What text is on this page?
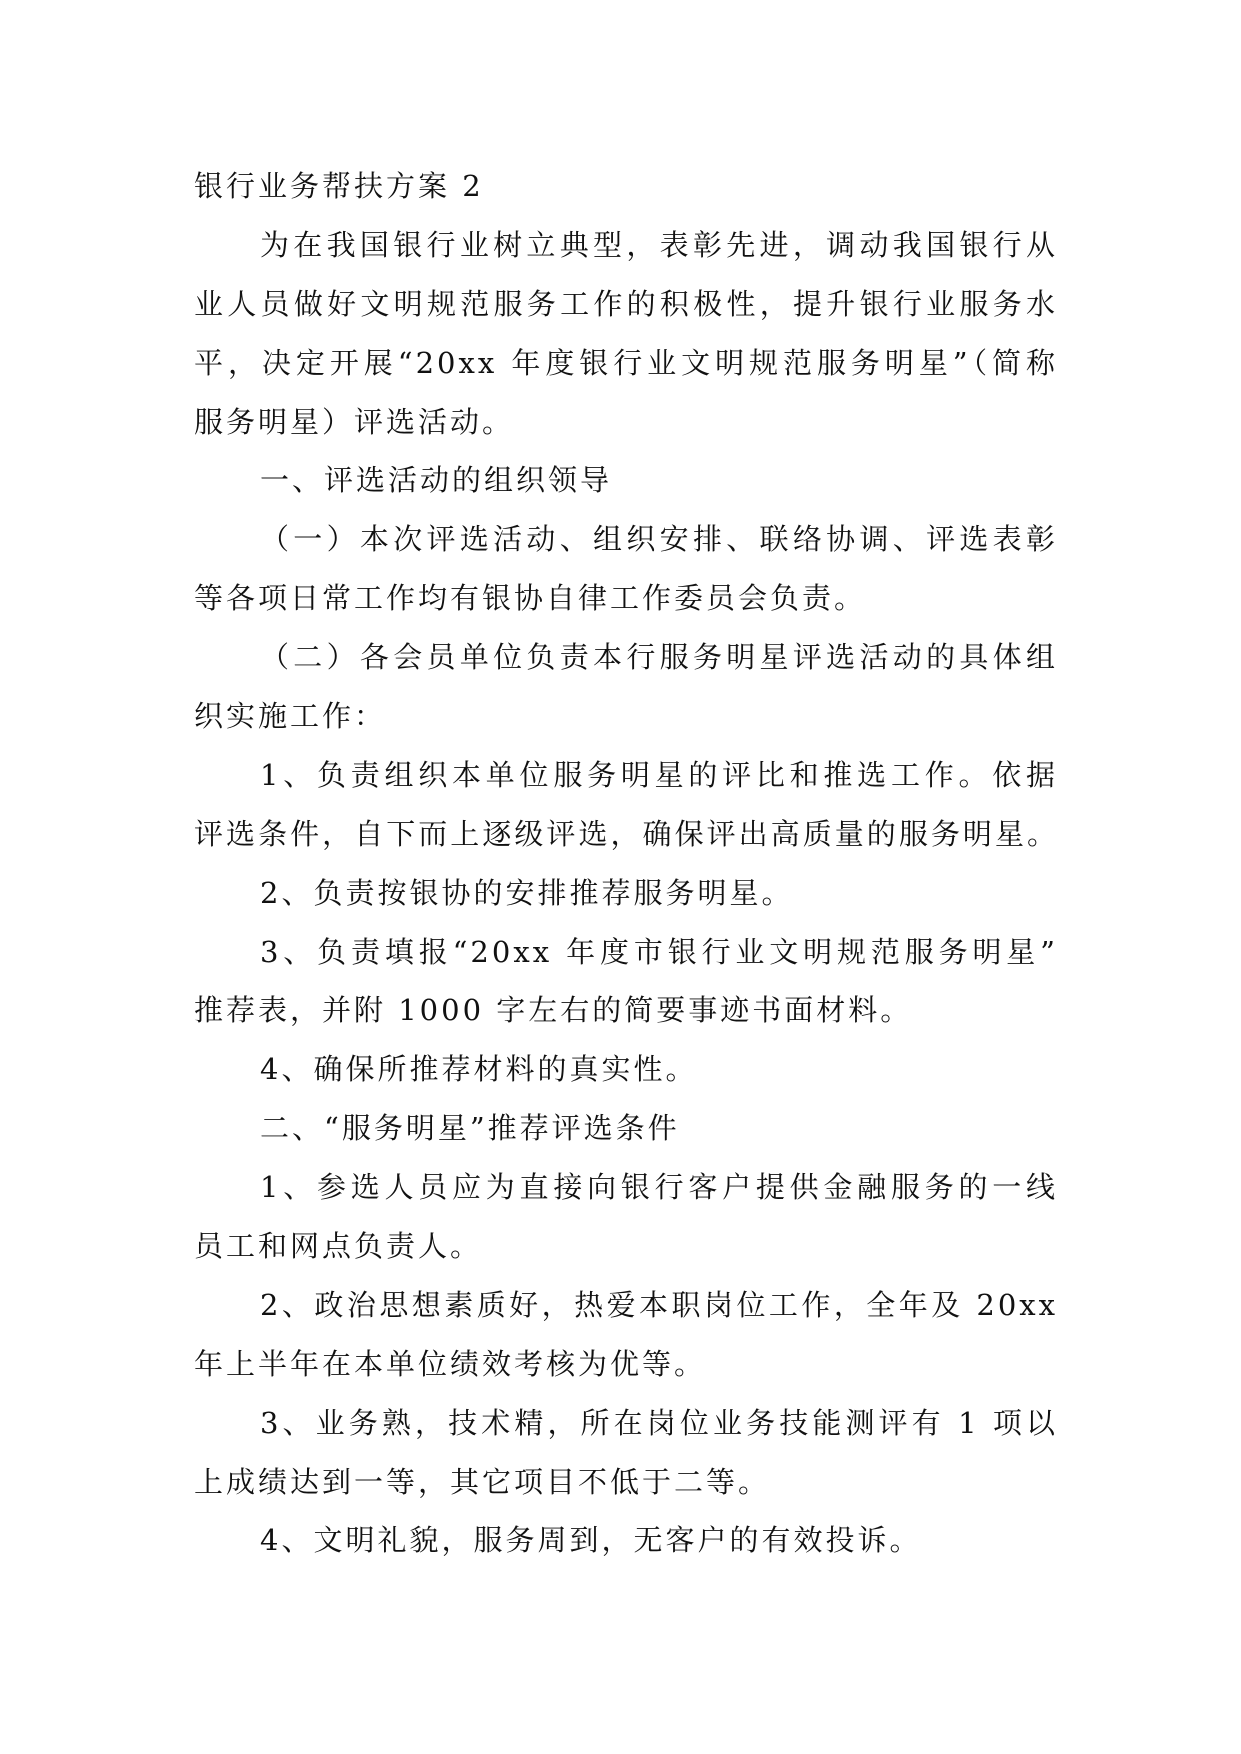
银行业务帮扶方案 2
为在我国银行业树立典型，表彰先进，调动我国银行从
业人员做好文明规范服务工作的积极性，提升银行业服务水
平，决定开展“20xx 年度银行业文明规范服务明星”（简称
服务明星）评选活动。
一、评选活动的组织领导
（一）本次评选活动、组织安排、联络协调、评选表彰
等各项日常工作均有银协自律工作委员会负责。
（二）各会员单位负责本行服务明星评选活动的具体组
织实施工作：
1、负责组织本单位服务明星的评比和推选工作。依据
评选条件，自下而上逐级评选，确保评出高质量的服务明星。
2、负责按银协的安排推荐服务明星。
3、负责填报“20xx 年度市银行业文明规范服务明星”
推荐表，并附 1000 字左右的简要事迹书面材料。
4、确保所推荐材料的真实性。
二、“服务明星”推荐评选条件
1、参选人员应为直接向银行客户提供金融服务的一线
员工和网点负责人。
2、政治思想素质好，热爱本职岗位工作，全年及 20xx
年上半年在本单位绩效考核为优等。
3、业务熟，技术精，所在岗位业务技能测评有 1 项以
上成绩达到一等，其它项目不低于二等。
4、文明礼貌，服务周到，无客户的有效投诉。
